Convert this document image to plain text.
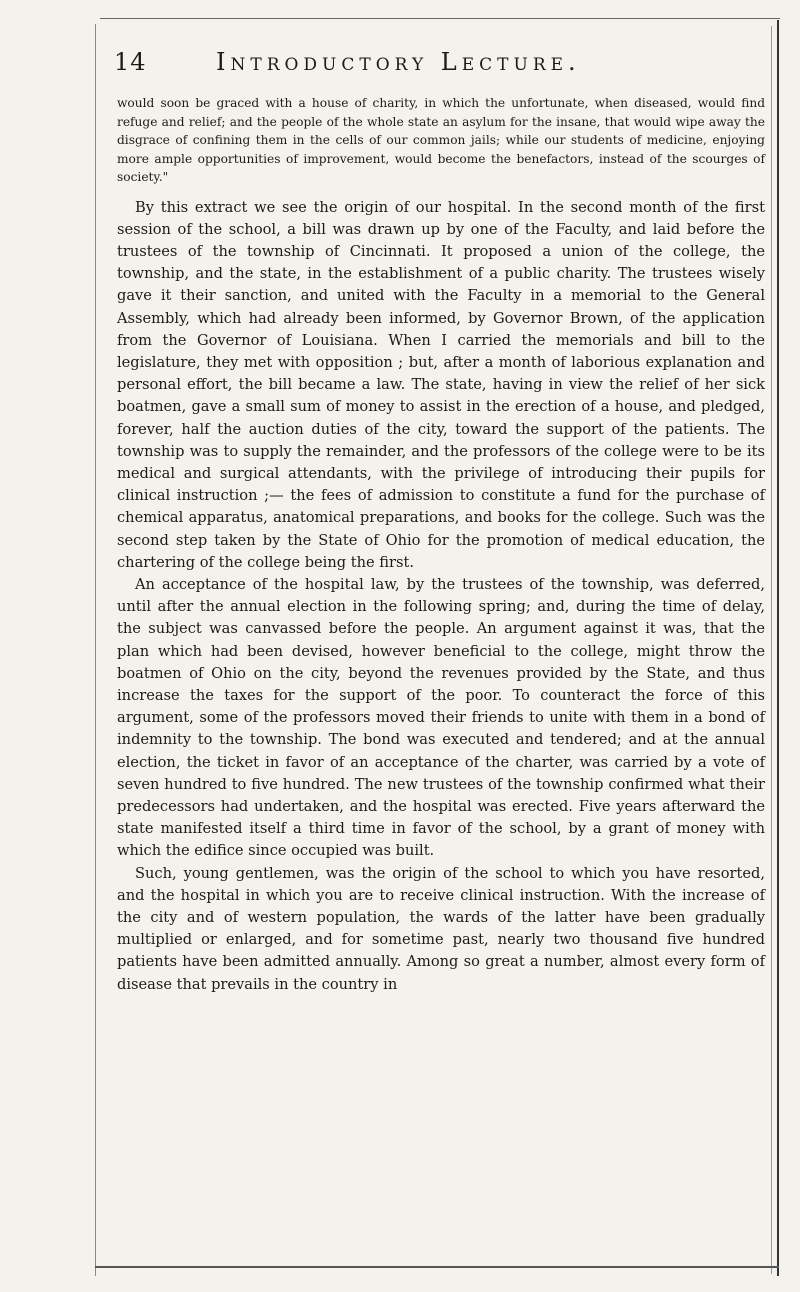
14	Introductory Lecture.

would soon be graced with a house of charity, in which the unfortunate, when diseased, would find refuge and relief; and the people of the whole state an asylum for the insane, that would wipe away the disgrace of confining them in the cells of our common jails; while our students of medicine, enjoying more ample opportunities of improvement, would become the benefactors, instead of the scourges of society."

By this extract we see the origin of our hospital. In the second month of the first session of the school, a bill was drawn up by one of the Faculty, and laid before the trustees of the township of Cincinnati. It proposed a union of the college, the township, and the state, in the establishment of a public charity. The trustees wisely gave it their sanction, and united with the Faculty in a memorial to the General Assembly, which had already been informed, by Governor Brown, of the application from the Governor of Louisiana. When I carried the memorials and bill to the legislature, they met with opposition ; but, after a month of laborious explanation and personal effort, the bill became a law. The state, having in view the relief of her sick boatmen, gave a small sum of money to assist in the erection of a house, and pledged, forever, half the auction duties of the city, toward the support of the patients. The township was to supply the remainder, and the professors of the college were to be its medical and surgical attendants, with the privilege of introducing their pupils for clinical instruction ;— the fees of admission to constitute a fund for the purchase of chemical apparatus, anatomical preparations, and books for the college. Such was the second step taken by the State of Ohio for the promotion of medical education, the chartering of the college being the first.

An acceptance of the hospital law, by the trustees of the township, was deferred, until after the annual election in the following spring; and, during the time of delay, the subject was canvassed before the people. An argument against it was, that the plan which had been devised, however beneficial to the college, might throw the boatmen of Ohio on the city, beyond the revenues provided by the State, and thus increase the taxes for the support of the poor. To counteract the force of this argument, some of the professors moved their friends to unite with them in a bond of indemnity to the township. The bond was executed and tendered; and at the annual election, the ticket in favor of an acceptance of the charter, was carried by a vote of seven hundred to five hundred. The new trustees of the township confirmed what their predecessors had undertaken, and the hospital was erected. Five years afterward the state manifested itself a third time in favor of the school, by a grant of money with which the edifice since occupied was built.

Such, young gentlemen, was the origin of the school to which you have resorted, and the hospital in which you are to receive clinical instruction. With the increase of the city and of western population, the wards of the latter have been gradually multiplied or enlarged, and for sometime past, nearly two thousand five hundred patients have been admitted annually. Among so great a number, almost every form of disease that prevails in the country in
